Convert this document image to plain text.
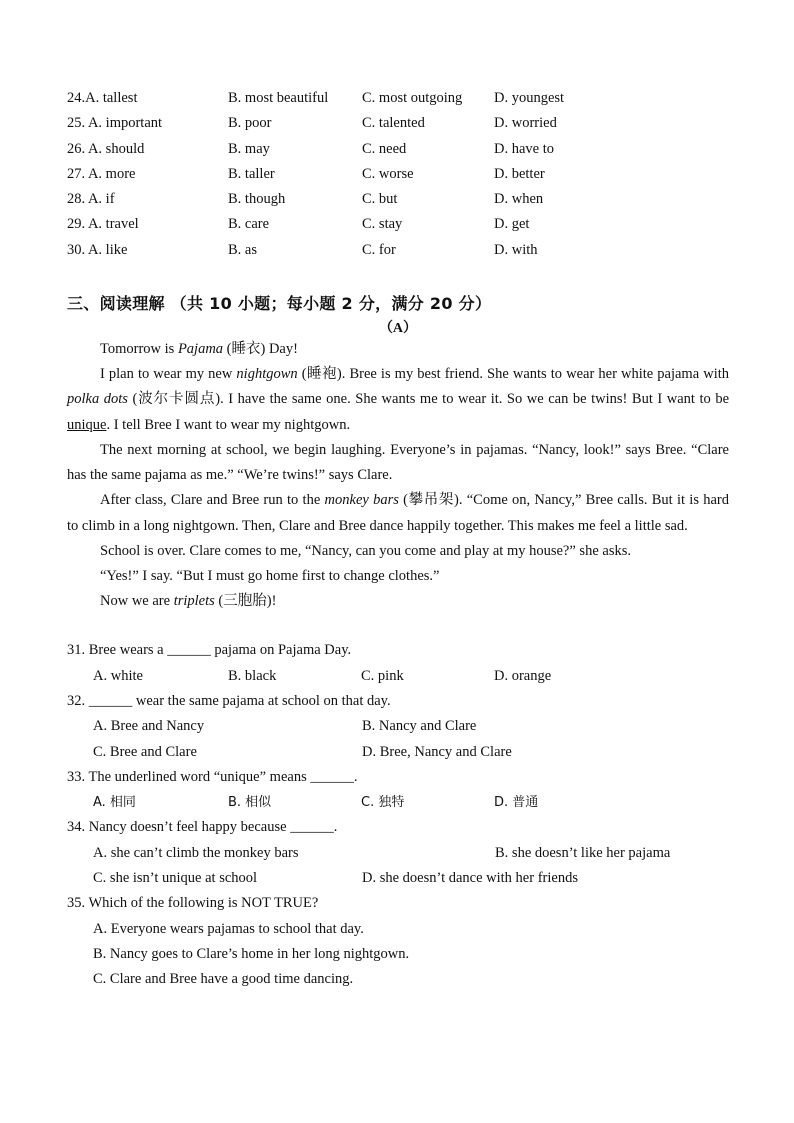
24.A. tallest	B. most beautiful	C. most outgoing	D. youngest
25. A. important	B. poor	C. talented	D. worried
26. A. should	B. may	C. need	D. have to
27. A. more	B. taller	C. worse	D. better
28. A. if	B. though	C. but	D. when
29. A. travel	B. care	C. stay	D. get
30. A. like	B. as	C. for	D. with
三、阅读理解 （共 10 小题；每小题 2 分，满分 20 分）
（A）
Tomorrow is Pajama (睡衣) Day!
I plan to wear my new nightgown (睡袍). Bree is my best friend. She wants to wear her white pajama with polka dots (波尔卡圆点). I have the same one. She wants me to wear it. So we can be twins! But I want to be unique. I tell Bree I want to wear my nightgown.
The next morning at school, we begin laughing. Everyone’s in pajamas. “Nancy, look!” says Bree. “Clare has the same pajama as me.” “We’re twins!” says Clare.
After class, Clare and Bree run to the monkey bars (攀吊架). “Come on, Nancy,” Bree calls. But it is hard to climb in a long nightgown. Then, Clare and Bree dance happily together. This makes me feel a little sad.
School is over. Clare comes to me, “Nancy, can you come and play at my house?” she asks.
“Yes!” I say. “But I must go home first to change clothes.”
Now we are triplets (三胞胎)!
31. Bree wears a ______ pajama on Pajama Day.
A. white	B. black	C. pink	D. orange
32. ______ wear the same pajama at school on that day.
A. Bree and Nancy	B. Nancy and Clare
C. Bree and Clare	D. Bree, Nancy and Clare
33. The underlined word “unique” means ______.
A. 相同	B. 相似	C. 独特	D. 普通
34. Nancy doesn’t feel happy because ______.
A. she can’t climb the monkey bars	B. she doesn’t like her pajama
C. she isn’t unique at school	D. she doesn’t dance with her friends
35. Which of the following is NOT TRUE?
A. Everyone wears pajamas to school that day.
B. Nancy goes to Clare’s home in her long nightgown.
C. Clare and Bree have a good time dancing.
